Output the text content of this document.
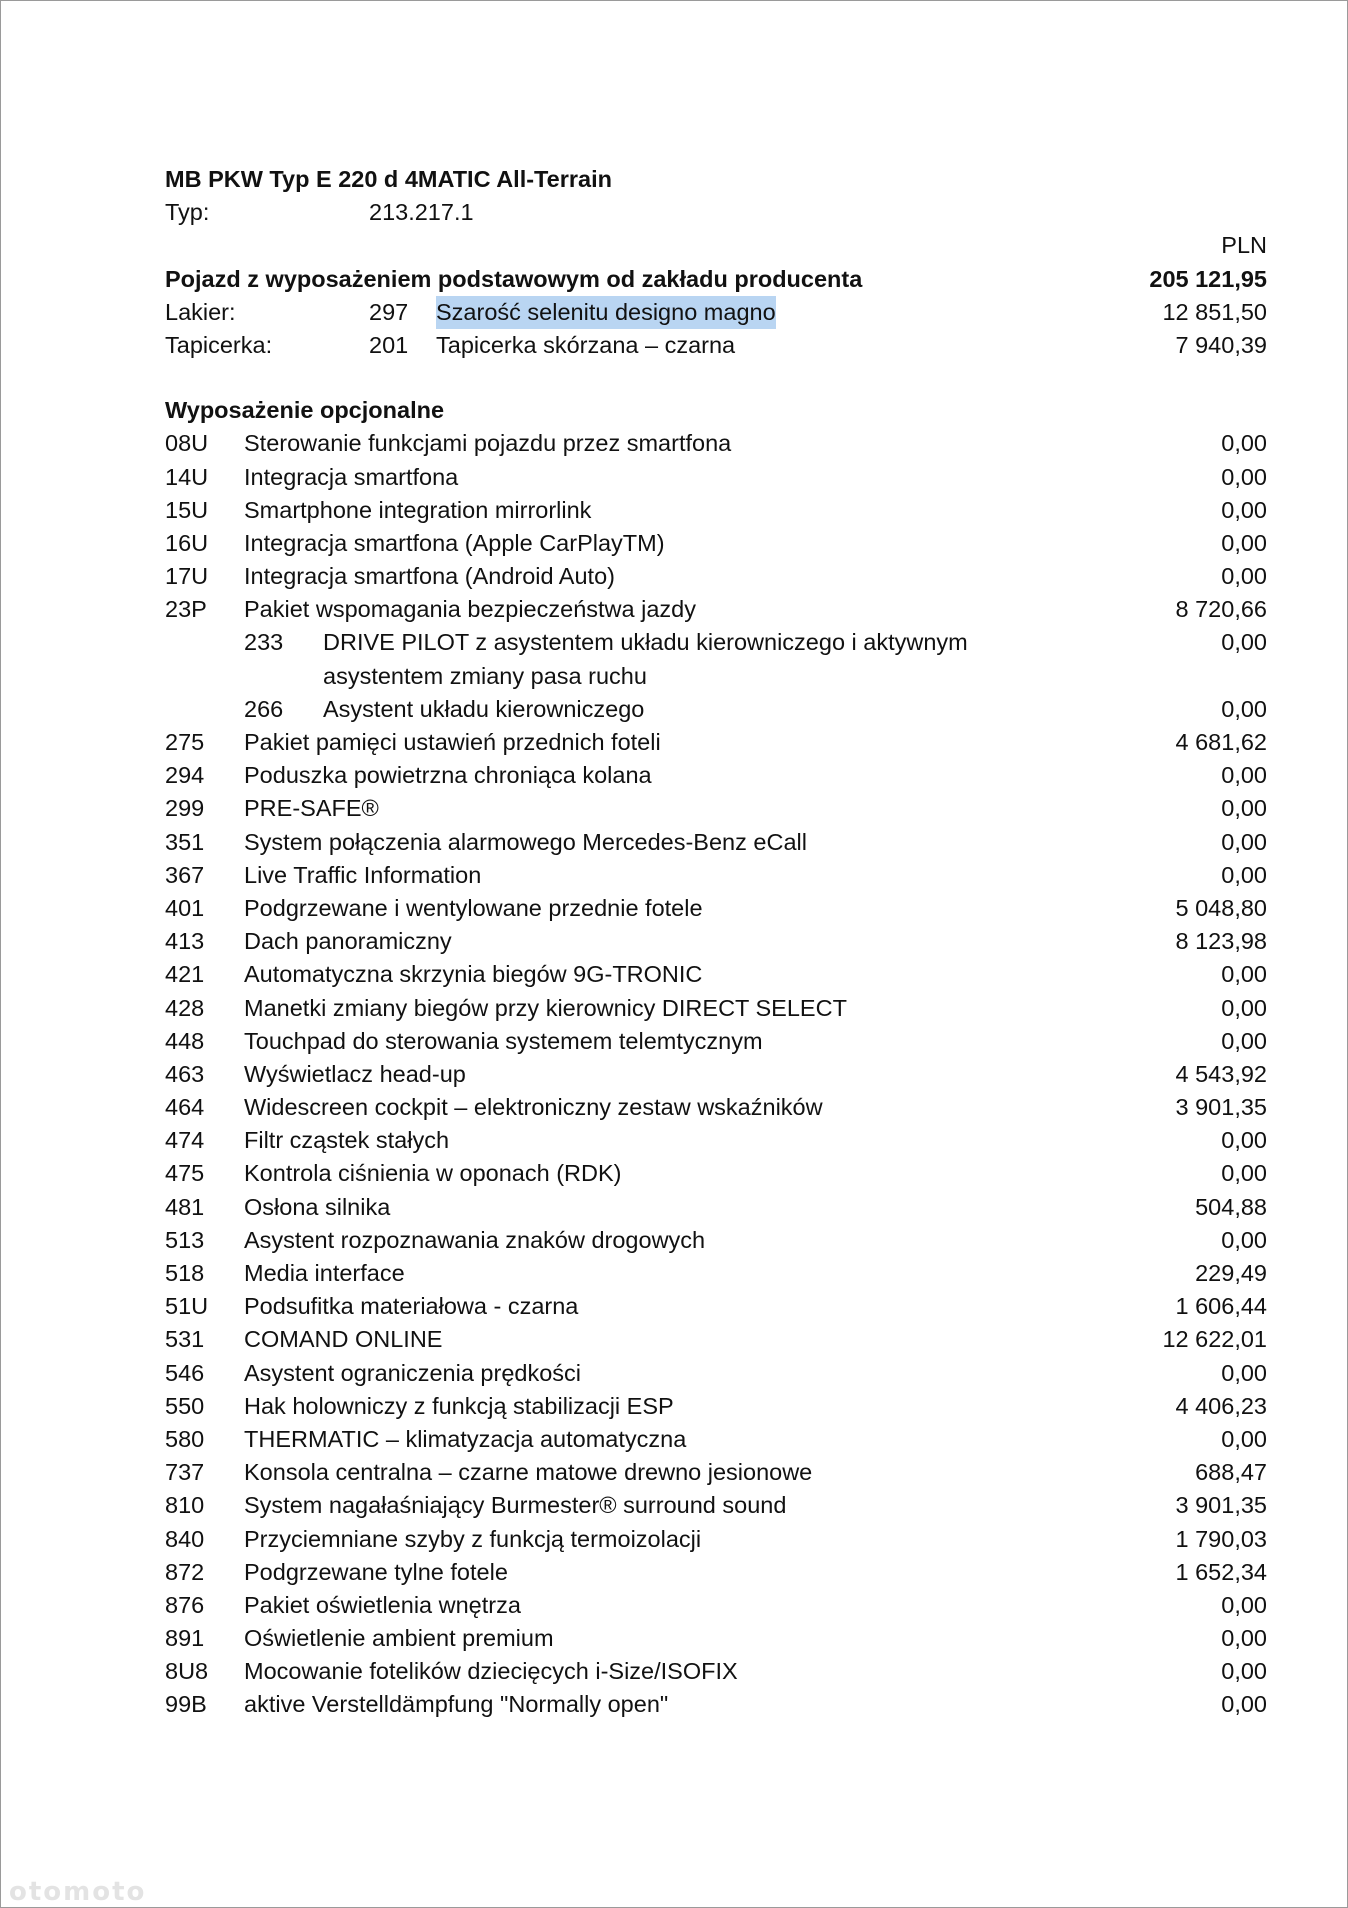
MB PKW Typ E 220 d 4MATIC All-Terrain
Typ:	213.217.1
PLN
Pojazd z wyposażeniem podstawowym od zakładu producenta	205 121,95
Lakier:	297 Szarość selenitu designo magno	12 851,50
Tapicerka:	201 Tapicerka skórzana – czarna	7 940,39
Wyposażenie opcjonalne
08U Sterowanie funkcjami pojazdu przez smartfona	0,00
14U Integracja smartfona	0,00
15U Smartphone integration mirrorlink	0,00
16U Integracja smartfona (Apple CarPlayTM)	0,00
17U Integracja smartfona (Android Auto)	0,00
23P Pakiet wspomagania bezpieczeństwa jazdy	8 720,66
233 DRIVE PILOT z asystentem układu kierowniczego i aktywnym	0,00
asystentem zmiany pasa ruchu
266 Asystent układu kierowniczego	0,00
275 Pakiet pamięci ustawień przednich foteli	4 681,62
294 Poduszka powietrzna chroniąca kolana	0,00
299 PRE-SAFE®	0,00
351 System połączenia alarmowego Mercedes-Benz eCall	0,00
367 Live Traffic Information	0,00
401 Podgrzewane i wentylowane przednie fotele	5 048,80
413 Dach panoramiczny	8 123,98
421 Automatyczna skrzynia biegów 9G-TRONIC	0,00
428 Manetki zmiany biegów przy kierownicy DIRECT SELECT	0,00
448 Touchpad do sterowania systemem telemtycznym	0,00
463 Wyświetlacz head-up	4 543,92
464 Widescreen cockpit – elektroniczny zestaw wskaźników	3 901,35
474 Filtr cząstek stałych	0,00
475 Kontrola ciśnienia w oponach (RDK)	0,00
481 Osłona silnika	504,88
513 Asystent rozpoznawania znaków drogowych	0,00
518 Media interface	229,49
51U Podsufitka materiałowa - czarna	1 606,44
531 COMAND ONLINE	12 622,01
546 Asystent ograniczenia prędkości	0,00
550 Hak holowniczy z funkcją stabilizacji ESP	4 406,23
580 THERMATIC – klimatyzacja automatyczna	0,00
737 Konsola centralna – czarne matowe drewno jesionowe	688,47
810 System nagałaśniający Burmester® surround sound	3 901,35
840 Przyciemniane szyby z funkcją termoizolacji	1 790,03
872 Podgrzewane tylne fotele	1 652,34
876 Pakiet oświetlenia wnętrza	0,00
891 Oświetlenie ambient premium	0,00
8U8 Mocowanie fotelików dziecięcych i-Size/ISOFIX	0,00
99B aktive Verstelldämpfung "Normally open"	0,00
otomoto
